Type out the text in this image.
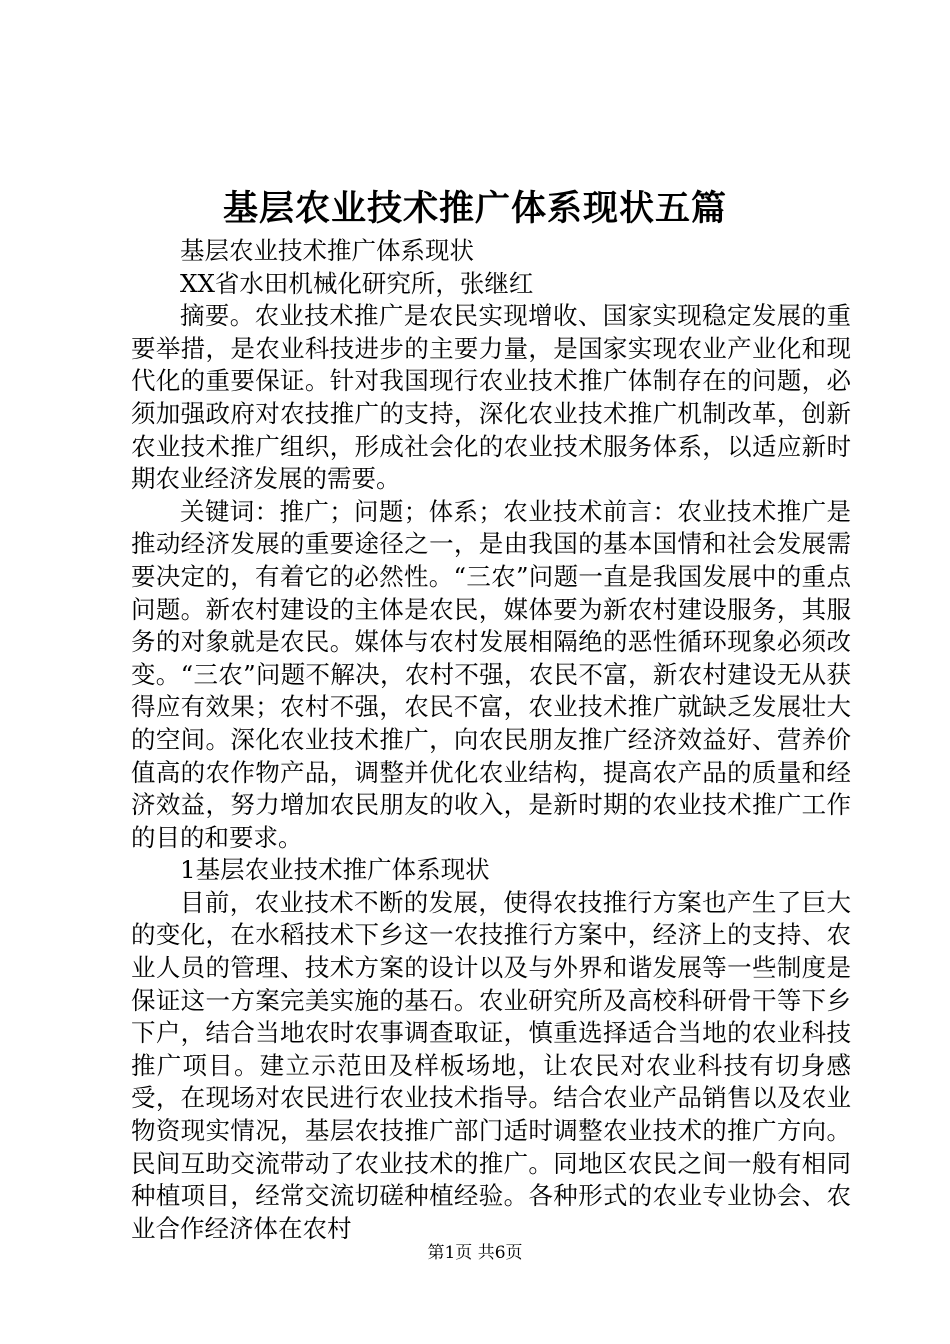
基层农业技术推广体系现状五篇

基层农业技术推广体系现状

XX省水田机械化研究所，张继红

摘要。农业技术推广是农民实现增收、国家实现稳定发展的重要举措，是农业科技进步的主要力量，是国家实现农业产业化和现代化的重要保证。针对我国现行农业技术推广体制存在的问题，必须加强政府对农技推广的支持，深化农业技术推广机制改革，创新农业技术推广组织，形成社会化的农业技术服务体系，以适应新时期农业经济发展的需要。

关键词：推广；问题；体系；农业技术前言：农业技术推广是推动经济发展的重要途径之一，是由我国的基本国情和社会发展需要决定的，有着它的必然性。“三农”问题一直是我国发展中的重点问题。新农村建设的主体是农民，媒体要为新农村建设服务，其服务的对象就是农民。媒体与农村发展相隔绝的恶性循环现象必须改变。“三农”问题不解决，农村不强，农民不富，新农村建设无从获得应有效果；农村不强，农民不富，农业技术推广就缺乏发展壮大的空间。深化农业技术推广，向农民朋友推广经济效益好、营养价值高的农作物产品，调整并优化农业结构，提高农产品的质量和经济效益，努力增加农民朋友的收入，是新时期的农业技术推广工作的目的和要求。

1基层农业技术推广体系现状

目前，农业技术不断的发展，使得农技推行方案也产生了巨大的变化，在水稻技术下乡这一农技推行方案中，经济上的支持、农业人员的管理、技术方案的设计以及与外界和谐发展等一些制度是保证这一方案完美实施的基石。农业研究所及高校科研骨干等下乡下户，结合当地农时农事调查取证，慎重选择适合当地的农业科技推广项目。建立示范田及样板场地，让农民对农业科技有切身感受，在现场对农民进行农业技术指导。结合农业产品销售以及农业物资现实情况，基层农技推广部门适时调整农业技术的推广方向。民间互助交流带动了农业技术的推广。同地区农民之间一般有相同种植项目，经常交流切磋种植经验。各种形式的农业专业协会、农业合作经济体在农村

第1页 共6页
